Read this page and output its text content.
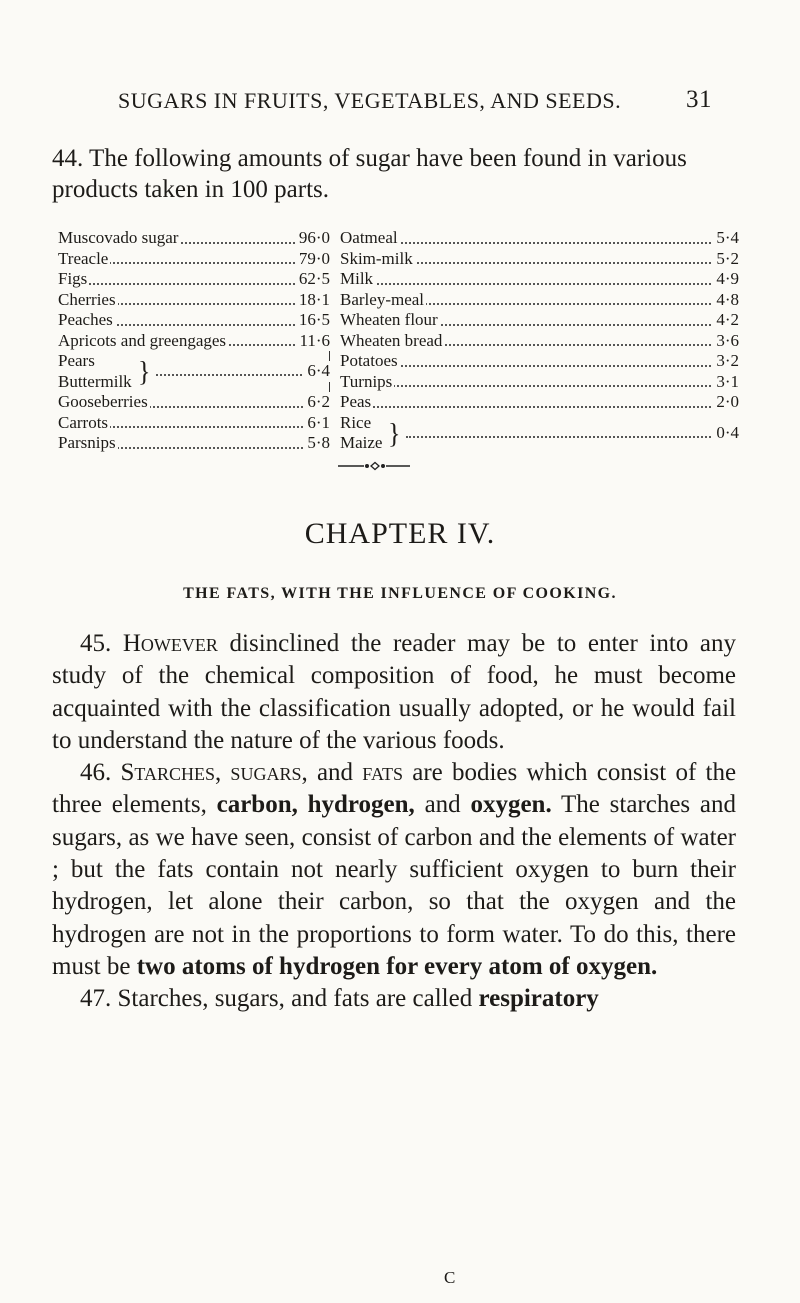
SUGARS IN FRUITS, VEGETABLES, AND SEEDS.	31
44. The following amounts of sugar have been found in various products taken in 100 parts.
Muscovado sugar	96·0
Treacle	79·0
Figs	62·5
Cherries	18·1
Peaches	16·5
Apricots and greengages	11·6
Pears
Buttermilk }	6·4
Gooseberries	6·2
Carrots	6·1
Parsnips	5·8
Oatmeal	5·4
Skim-milk	5·2
Milk	4·9
Barley-meal	4·8
Wheaten flour	4·2
Wheaten bread	3·6
Potatoes	3·2
Turnips	3·1
Peas	2·0
Rice
Maize }	0·4
CHAPTER IV.
THE FATS, WITH THE INFLUENCE OF COOKING.

45. However disinclined the reader may be to enter into any study of the chemical composition of food, he must become acquainted with the classification usually adopted, or he would fail to understand the nature of the various foods.

46. Starches, sugars, and fats are bodies which consist of the three elements, carbon, hydrogen, and oxygen. The starches and sugars, as we have seen, consist of carbon and the elements of water ; but the fats contain not nearly sufficient oxygen to burn their hydrogen, let alone their carbon, so that the oxygen and the hydrogen are not in the proportions to form water. To do this, there must be two atoms of hydrogen for every atom of oxygen.

47. Starches, sugars, and fats are called respiratory

C
